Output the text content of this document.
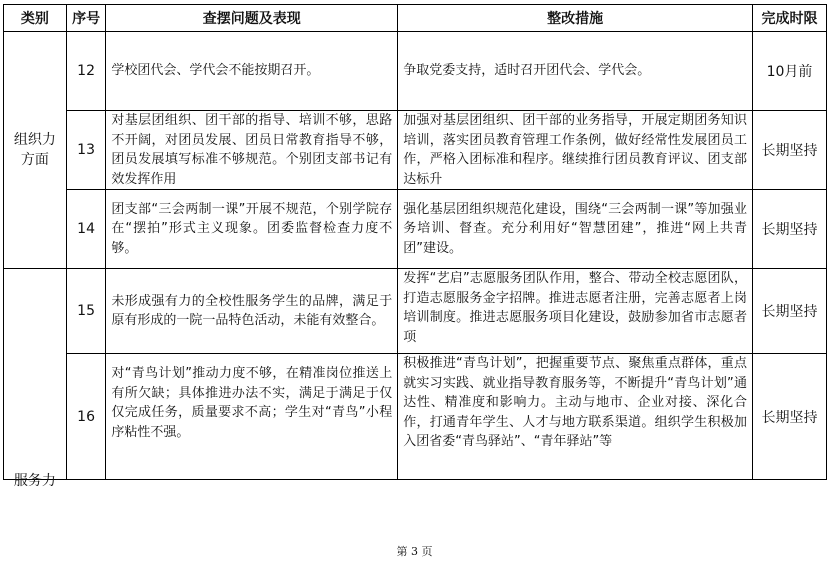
类别	序号	查摆问题及表现	整改措施	完成时限

组织力
方面	12	学校团代会、学代会不能按期召开。	争取党委支持，适时召开团代会、学代会。	10月前
	13	对基层团组织、团干部的指导、培训不够，思路不开阔，对团员发展、团员日常教育指导不够，团员发展填写标准不够规范。个别团支部书记有效发挥作用	加强对基层团组织、团干部的业务指导，开展定期团务知识培训，落实团员教育管理工作条例，做好经常性发展团员工作，严格入团标准和程序。继续推行团员教育评议、团支部达标升	长期坚持
	14	团支部“三会两制一课”开展不规范，个别学院存在“摆拍”形式主义现象。团委监督检查力度不够。	强化基层团组织规范化建设，围绕“三会两制一课”等加强业务培训、督查。充分利用好“智慧团建”，推进“网上共青团”建设。	长期坚持

服务力	15	未形成强有力的全校性服务学生的品牌，满足于原有形成的一院一品特色活动，未能有效整合。	发挥“艺启”志愿服务团队作用，整合、带动全校志愿团队，打造志愿服务金字招牌。推进志愿者注册，完善志愿者上岗培训制度。推进志愿服务项目化建设，鼓励参加省市志愿者项	长期坚持
	16	对“青鸟计划”推动力度不够，在精准岗位推送上有所欠缺；具体推进办法不实，满足于满足于仅仅完成任务，质量要求不高；学生对“青鸟”小程序粘性不强。	积极推进“青鸟计划”，把握重要节点、聚焦重点群体，重点就实习实践、就业指导教育服务等，不断提升“青鸟计划”通达性、精准度和影响力。主动与地市、企业对接、深化合作，打通青年学生、人才与地方联系渠道。组织学生积极加入团省委“青鸟驿站”、“青年驿站”等	长期坚持
第 3 页
